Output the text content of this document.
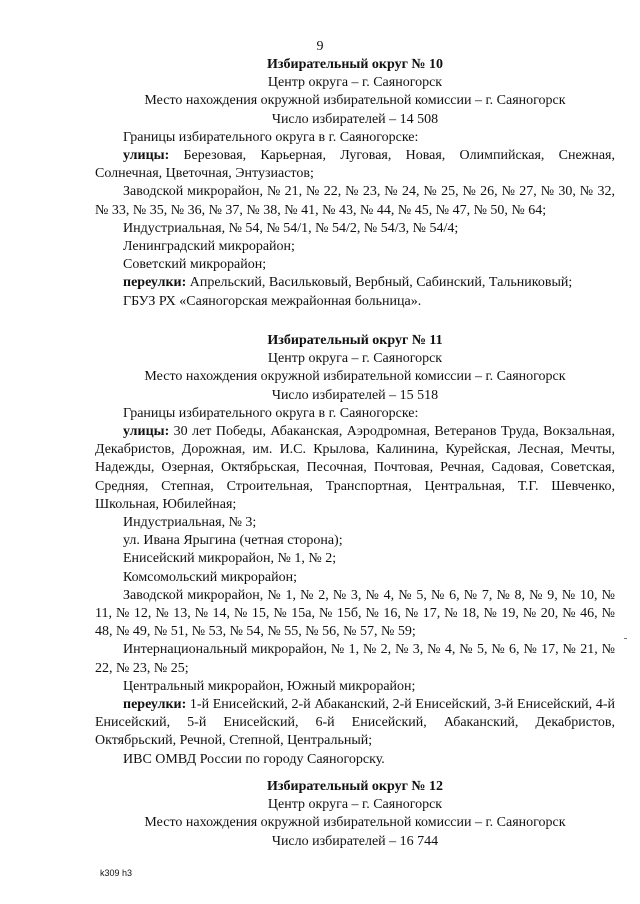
9
Избирательный округ № 10
Центр округа – г. Саяногорск
Место нахождения окружной избирательной комиссии – г. Саяногорск
Число избирателей – 14 508

Границы избирательного округа в г. Саяногорске:

улицы: Березовая, Карьерная, Луговая, Новая, Олимпийская, Снежная, Солнечная, Цветочная, Энтузиастов;

Заводской микрорайон, № 21, № 22, № 23, № 24, № 25, № 26, № 27, № 30, № 32, № 33, № 35, № 36, № 37, № 38, № 41, № 43, № 44, № 45, № 47, № 50, № 64;

Индустриальная, № 54, № 54/1, № 54/2, № 54/3, № 54/4;

Ленинградский микрорайон;

Советский микрорайон;

переулки: Апрельский, Васильковый, Вербный, Сабинский, Тальниковый;

ГБУЗ РХ «Саяногорская межрайонная больница».

Избирательный округ № 11
Центр округа – г. Саяногорск
Место нахождения окружной избирательной комиссии – г. Саяногорск
Число избирателей – 15 518

Границы избирательного округа в г. Саяногорске:

улицы: 30 лет Победы, Абаканская, Аэродромная, Ветеранов Труда, Вокзальная, Декабристов, Дорожная, им. И.С. Крылова, Калинина, Курейская, Лесная, Мечты, Надежды, Озерная, Октябрьская, Песочная, Почтовая, Речная, Садовая, Советская, Средняя, Степная, Строительная, Транспортная, Центральная, Т.Г. Шевченко, Школьная, Юбилейная;

Индустриальная, № 3;

ул. Ивана Ярыгина (четная сторона);

Енисейский микрорайон, № 1, № 2;

Комсомольский микрорайон;

Заводской микрорайон, № 1, № 2, № 3, № 4, № 5, № 6, № 7, № 8, № 9, № 10, № 11, № 12, № 13, № 14, № 15, № 15а, № 15б, № 16, № 17, № 18, № 19, № 20, № 46, № 48, № 49, № 51, № 53, № 54, № 55, № 56, № 57, № 59;

Интернациональный микрорайон, № 1, № 2, № 3, № 4, № 5, № 6, № 17, № 21, № 22, № 23, № 25;

Центральный микрорайон, Южный микрорайон;

переулки: 1-й Енисейский, 2-й Абаканский, 2-й Енисейский, 3-й Енисейский, 4-й Енисейский, 5-й Енисейский, 6-й Енисейский, Абаканский, Декабристов, Октябрьский, Речной, Степной, Центральный;

ИВС ОМВД России по городу Саяногорску.

Избирательный округ № 12
Центр округа – г. Саяногорск
Место нахождения окружной избирательной комиссии – г. Саяногорск
Число избирателей – 16 744
k309 h3
